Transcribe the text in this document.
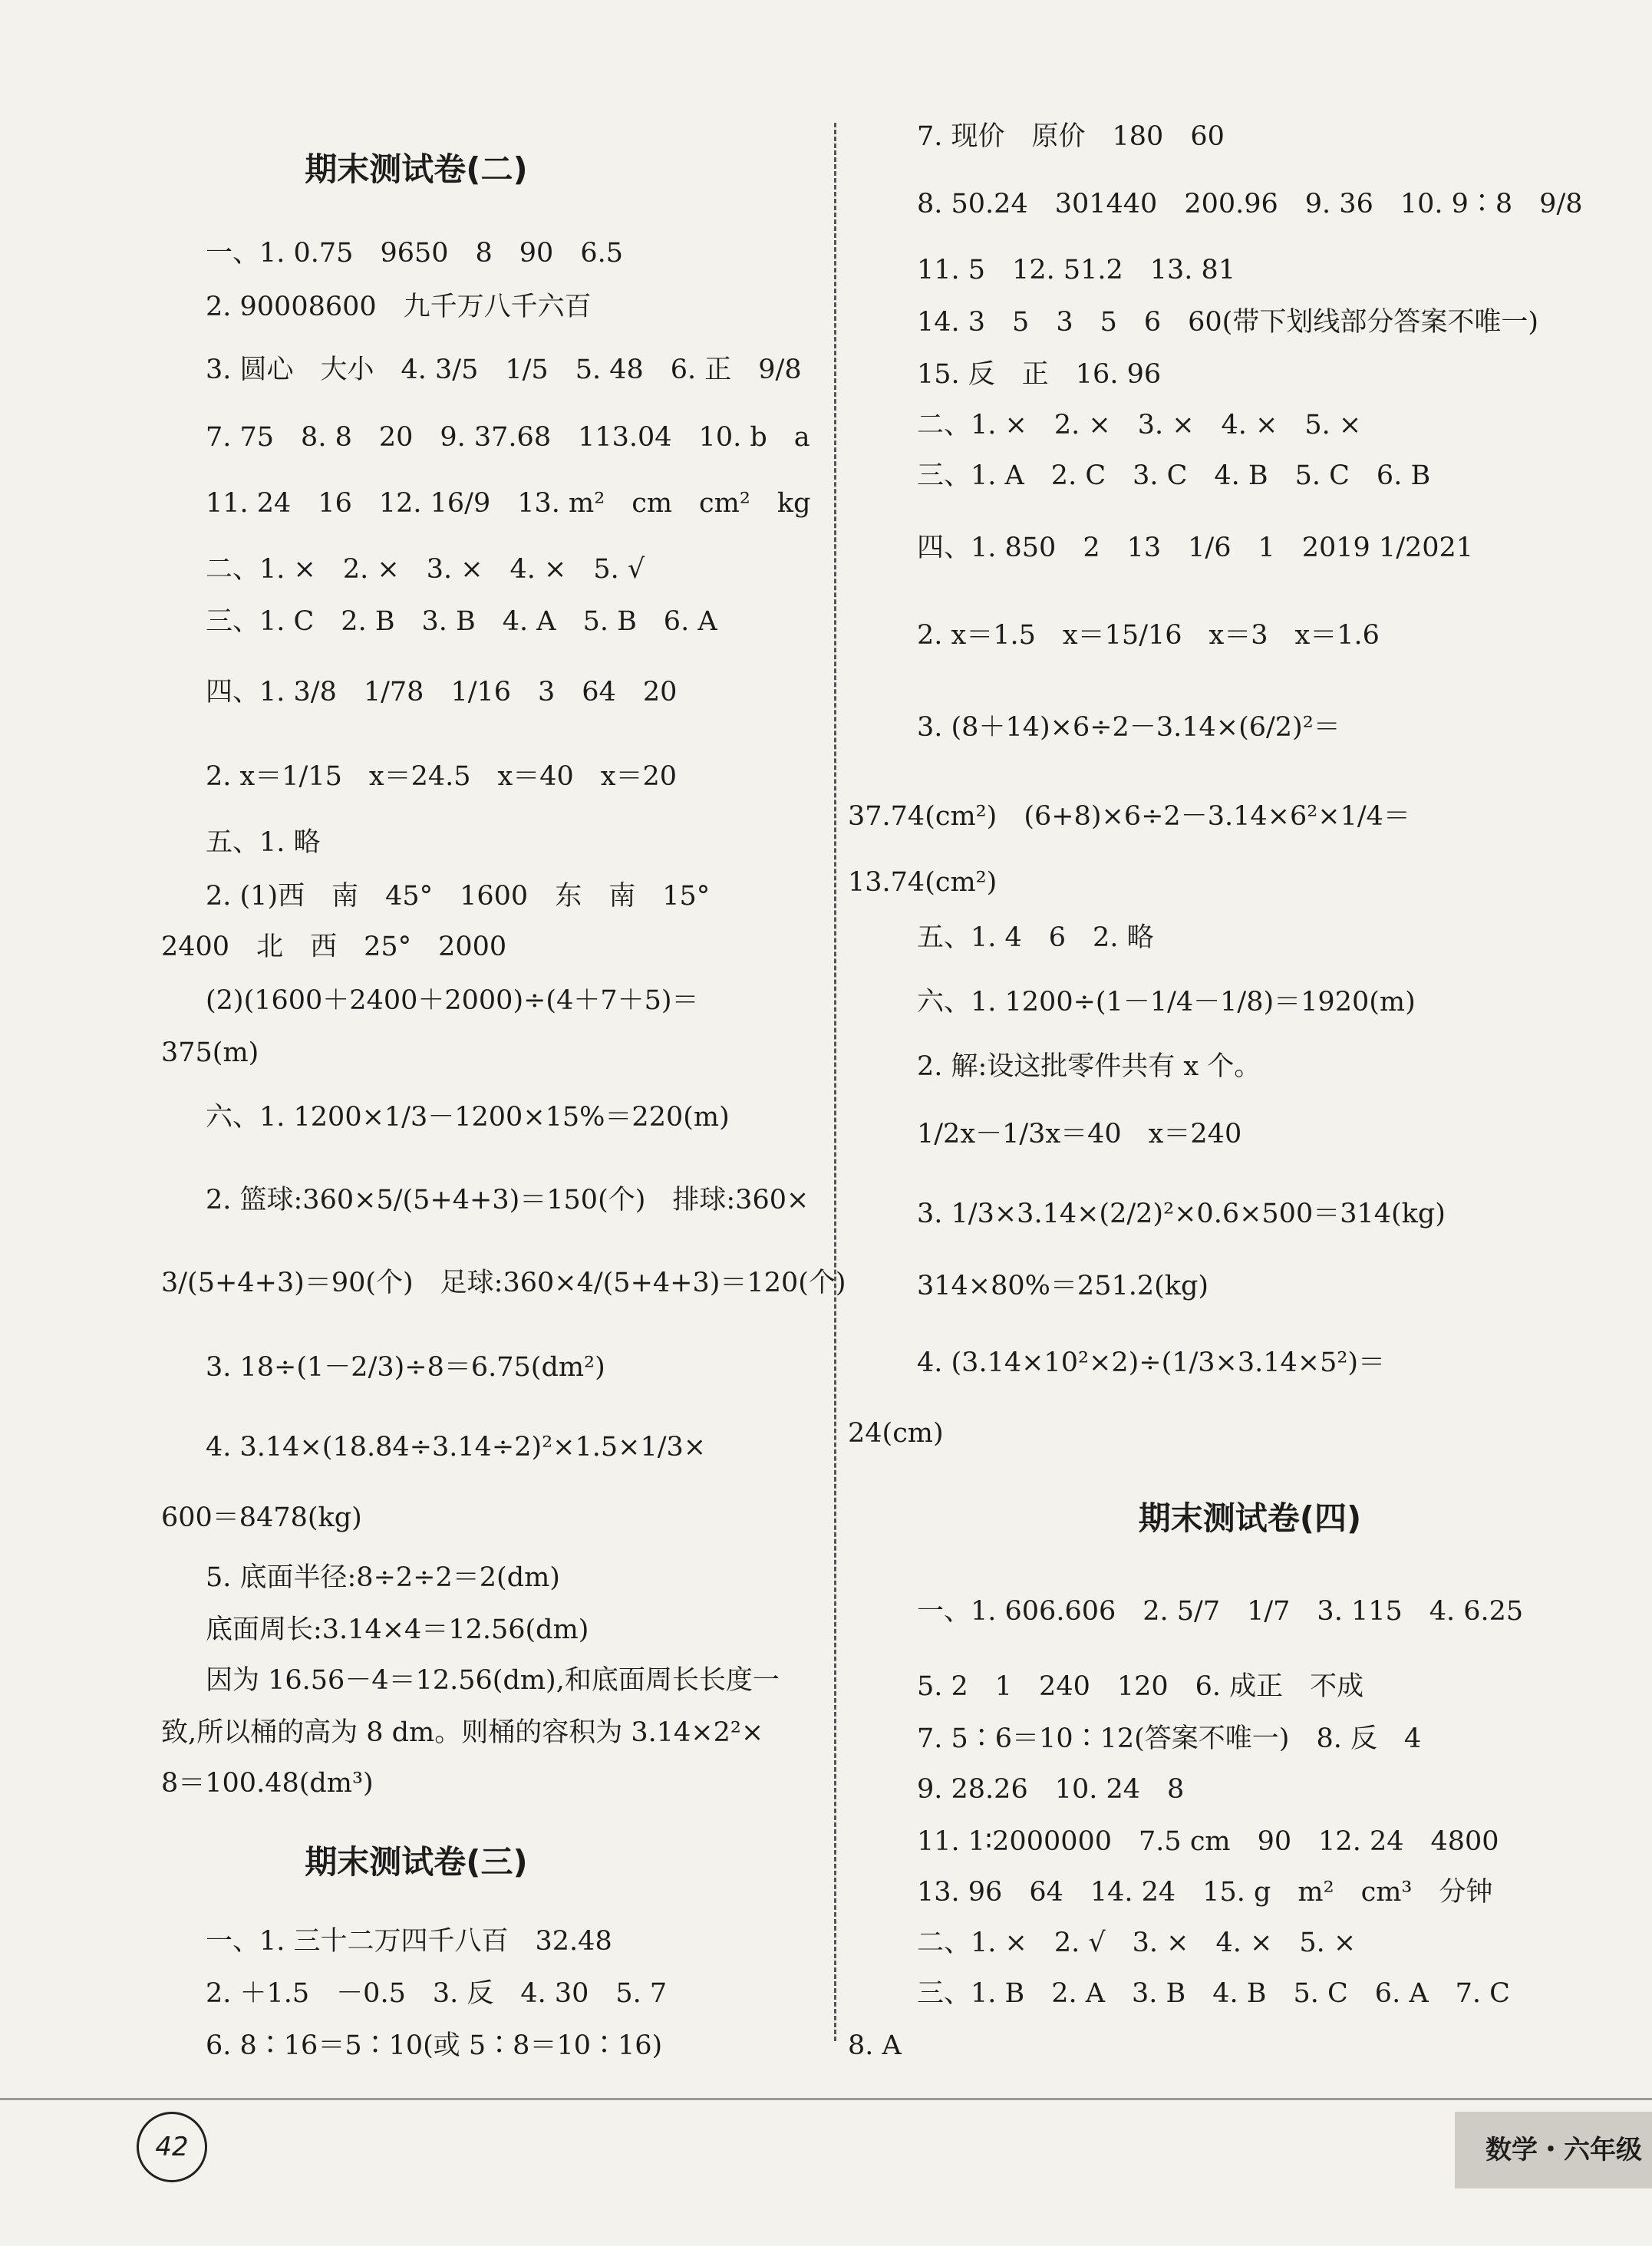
期末测试卷(二)
一、1. 0.75　9650　8　90　6.5
2. 90008600　九千万八千六百
3. 圆心　大小　4. 3/5　1/5　5. 48　6. 正　9/8
7. 75　8. 8　20　9. 37.68　113.04　10. b　a
11. 24　16　12. 16/9　13. m²　cm　cm²　kg
二、1. ×　2. ×　3. ×　4. ×　5. √
三、1. C　2. B　3. B　4. A　5. B　6. A
四、1. 3/8　1/78　1/16　3　64　20
2. x＝1/15　x＝24.5　x＝40　x＝20
五、1. 略
2. (1)西　南　45°　1600　东　南　15°
2400　北　西　25°　2000
(2)(1600＋2400＋2000)÷(4＋7＋5)＝
375(m)
六、1. 1200×1/3－1200×15%＝220(m)
2. 篮球:360×5/(5+4+3)＝150(个)　排球:360×
3/(5+4+3)＝90(个)　足球:360×4/(5+4+3)＝120(个)
3. 18÷(1－2/3)÷8＝6.75(dm²)
4. 3.14×(18.84÷3.14÷2)²×1.5×1/3×
600＝8478(kg)
5. 底面半径:8÷2÷2＝2(dm)
底面周长:3.14×4＝12.56(dm)
因为 16.56－4＝12.56(dm),和底面周长长度一
致,所以桶的高为 8 dm。则桶的容积为 3.14×2²×
8＝100.48(dm³)
期末测试卷(三)
一、1. 三十二万四千八百　32.48
2. ＋1.5　－0.5　3. 反　4. 30　5. 7
6. 8∶16＝5∶10(或 5∶8＝10∶16)
7. 现价　原价　180　60
8. 50.24　301440　200.96　9. 36　10. 9∶8　9/8
11. 5　12. 51.2　13. 81
14. 3　5　3　5　6　60(带下划线部分答案不唯一)
15. 反　正　16. 96
二、1. ×　2. ×　3. ×　4. ×　5. ×
三、1. A　2. C　3. C　4. B　5. C　6. B
四、1. 850　2　13　1/6　1　2019 1/2021
2. x＝1.5　x＝15/16　x＝3　x＝1.6
3. (8＋14)×6÷2－3.14×(6/2)²＝
37.74(cm²)　(6+8)×6÷2－3.14×6²×1/4＝
13.74(cm²)
五、1. 4　6　2. 略
六、1. 1200÷(1－1/4－1/8)＝1920(m)
2. 解:设这批零件共有 x 个。
1/2x－1/3x＝40　x＝240
3. 1/3×3.14×(2/2)²×0.6×500＝314(kg)
314×80%＝251.2(kg)
4. (3.14×10²×2)÷(1/3×3.14×5²)＝
24(cm)
期末测试卷(四)
一、1. 606.606　2. 5/7　1/7　3. 115　4. 6.25
5. 2　1　240　120　6. 成正　不成
7. 5∶6＝10∶12(答案不唯一)　8. 反　4
9. 28.26　10. 24　8
11. 1∶2000000　7.5 cm　90　12. 24　4800
13. 96　64　14. 24　15. g　m²　cm³　分钟
二、1. ×　2. √　3. ×　4. ×　5. ×
三、1. B　2. A　3. B　4. B　5. C　6. A　7. C
8. A
42	数学・六年级
